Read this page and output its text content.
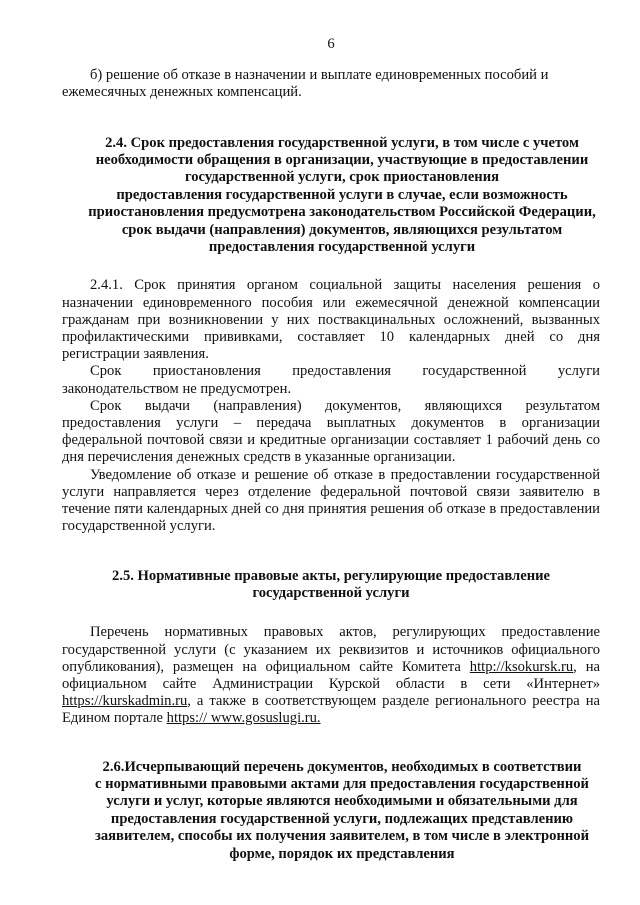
6

б) решение об отказе в назначении и выплате единовременных пособий и

ежемесячных денежных компенсаций.

2.4. Срок предоставления государственной услуги, в том числе с учетом
необходимости обращения в организации, участвующие в предоставлении
государственной услуги, срок приостановления
предоставления государственной услуги в случае, если возможность
приостановления предусмотрена законодательством Российской Федерации,
срок выдачи (направления) документов, являющихся результатом
предоставления государственной услуги

2.4.1. Срок принятия органом социальной защиты населения решения о назначении единовременного пособия или ежемесячной денежной компенсации гражданам при возникновении у них поствакцинальных осложнений, вызванных профилактическими прививками, составляет 10 календарных дней со дня регистрации заявления.

Срок приостановления предоставления государственной услуги законодательством не предусмотрен.

Срок выдачи (направления) документов, являющихся результатом предоставления услуги – передача выплатных документов в организации федеральной почтовой связи и кредитные организации составляет 1 рабочий день со дня перечисления денежных средств в указанные организации.

Уведомление об отказе и решение об отказе в предоставлении государственной услуги направляется через отделение федеральной почтовой связи заявителю в течение пяти календарных дней со дня принятия решения об отказе в предоставлении государственной услуги.

2.5. Нормативные правовые акты, регулирующие предоставление
государственной услуги

Перечень нормативных правовых актов, регулирующих предоставление государственной услуги (с указанием их реквизитов и источников официального опубликования), размещен на официальном сайте Комитета http://ksokursk.ru, на официальном сайте Администрации Курской области в сети «Интернет» https://kurskadmin.ru, а также в соответствующем разделе регионального реестра на Едином портале https:// www.gosuslugi.ru.

2.6.Исчерпывающий перечень документов, необходимых в соответствии
с нормативными правовыми актами для предоставления государственной
услуги и услуг, которые являются необходимыми и обязательными для
предоставления государственной услуги, подлежащих представлению
заявителем, способы их получения заявителем, в том числе в электронной
форме, порядок их представления
